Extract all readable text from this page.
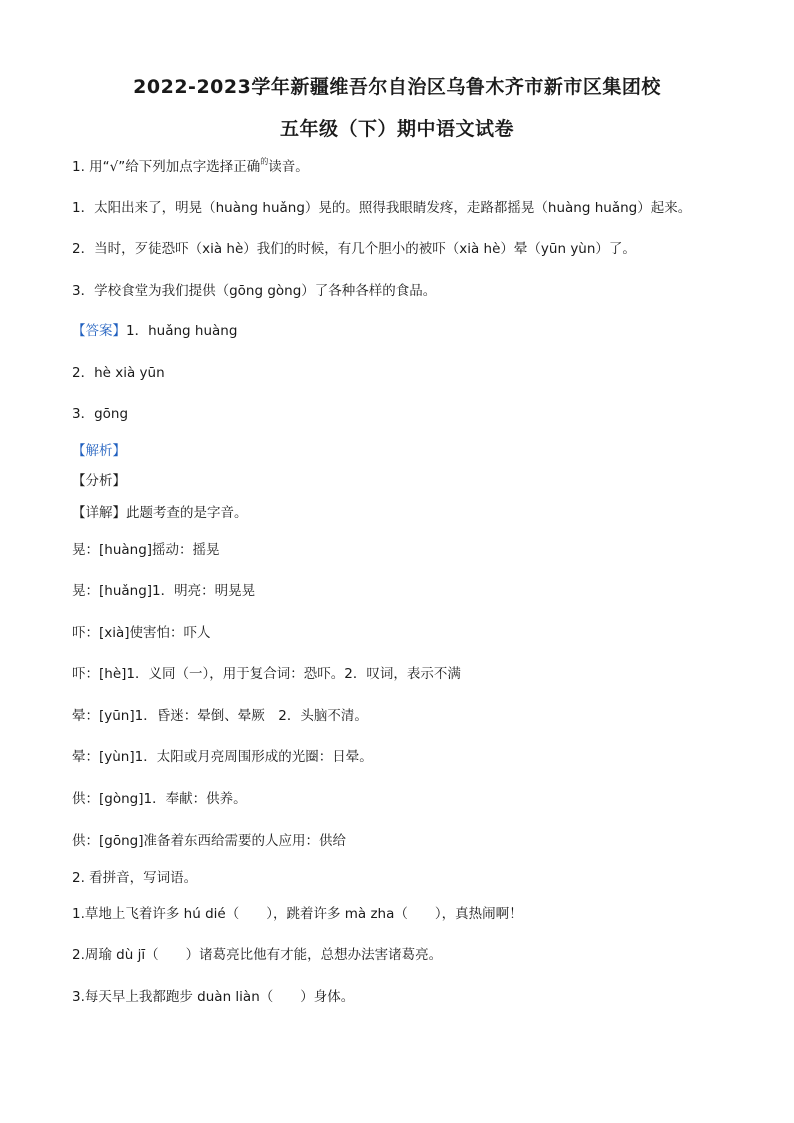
2022-2023学年新疆维吾尔自治区乌鲁木齐市新市区集团校
五年级（下）期中语文试卷
1. 用“√”给下列加点字选择正确$^的$读音。
1．太阳出来了，明晃（huàng huǎng）晃的。照得我眼睛发疼，走路都摇晃（huàng huǎng）起来。
2．当时，歹徒恐吓（xià hè）我们的时候，有几个胆小的被吓（xià hè）晕（yūn yùn）了。
3．学校食堂为我们提供（gōng gòng）了各种各样的食品。
【答案】1．huǎng huàng
2．hè xià yūn
3．gōng
【解析】
【分析】
【详解】此题考查的是字音。
晃：[huàng]摇动：摇晃
晃：[huǎng]1．明亮：明晃晃
吓：[xià]使害怕：吓人
吓：[hè]1．义同（一），用于复合词：恐吓。2．叹词，表示不满
晕：[yūn]1．昏迷：晕倒、晕厥　2．头脑不清。
晕：[yùn]1．太阳或月亮周围形成的光圈：日晕。
供：[gòng]1．奉献：供养。
供：[gōng]准备着东西给需要的人应用：供给
2. 看拼音，写词语。
1.草地上飞着许多 hú dié（　　），跳着许多 mà zha（　　），真热闹啊！
2.周瑜 dù jī（　　）诸葛亮比他有才能，总想办法害诸葛亮。
3.每天早上我都跑步 duàn liàn（　　）身体。
